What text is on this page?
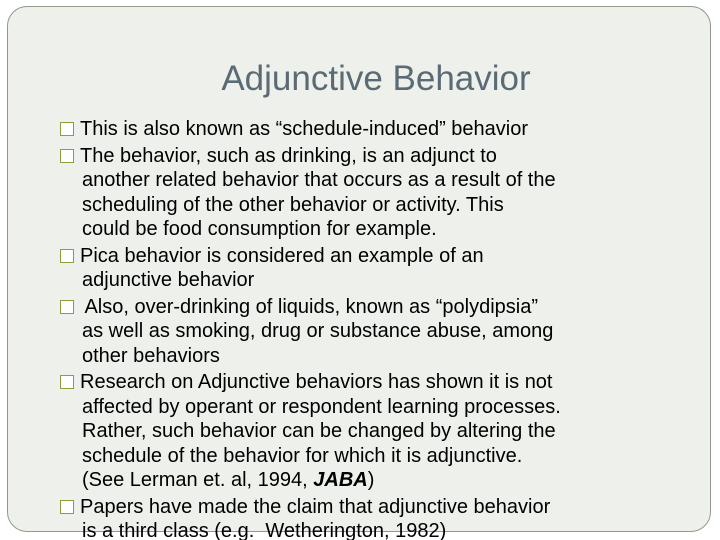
Adjunctive Behavior
This is also known as “schedule-induced” behavior
The behavior, such as drinking, is an adjunct to
another related behavior that occurs as a result of the
scheduling of the other behavior or activity. This
could be food consumption for example.
Pica behavior is considered an example of an
adjunctive behavior
Also, over-drinking of liquids, known as “polydipsia”
as well as smoking, drug or substance abuse, among
other behaviors
Research on Adjunctive behaviors has shown it is not
affected by operant or respondent learning processes.
Rather, such behavior can be changed by altering the
schedule of the behavior for which it is adjunctive.
(See Lerman et. al, 1994, JABA)
Papers have made the claim that adjunctive behavior
is a third class (e.g.  Wetherington, 1982)
